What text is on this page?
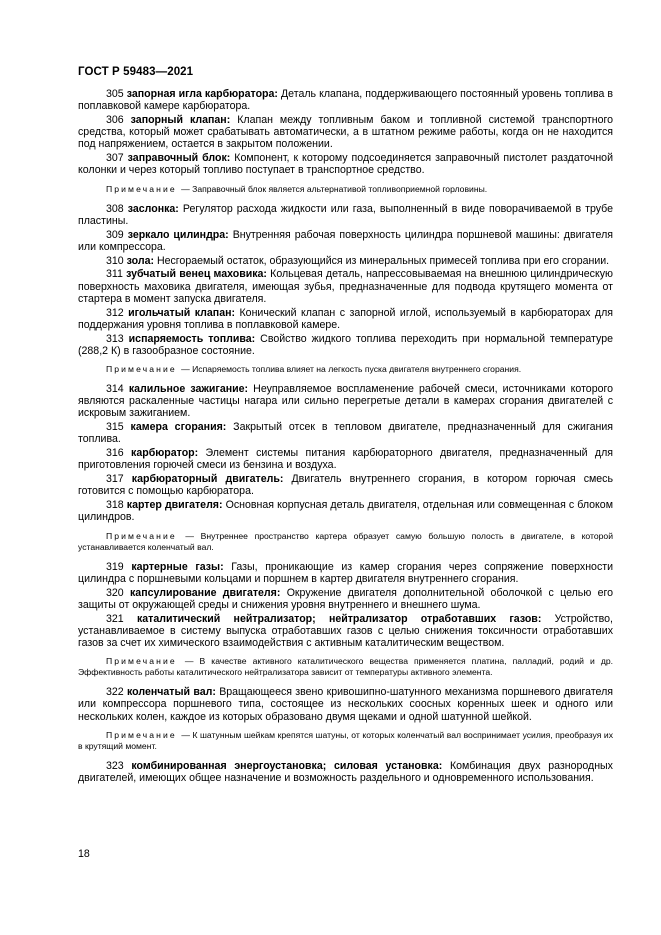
ГОСТ Р 59483—2021

305 запорная игла карбюратора: Деталь клапана, поддерживающего постоянный уровень топлива в поплавковой камере карбюратора.

306 запорный клапан: Клапан между топливным баком и топливной системой транспортного средства, который может срабатывать автоматически, а в штатном режиме работы, когда он не находится под напряжением, остается в закрытом положении.

307 заправочный блок: Компонент, к которому подсоединяется заправочный пистолет раздаточной колонки и через который топливо поступает в транспортное средство.

Примечание — Заправочный блок является альтернативой топливоприемной горловины.

308 заслонка: Регулятор расхода жидкости или газа, выполненный в виде поворачиваемой в трубе пластины.

309 зеркало цилиндра: Внутренняя рабочая поверхность цилиндра поршневой машины: двигателя или компрессора.

310 зола: Несгораемый остаток, образующийся из минеральных примесей топлива при его сгорании.

311 зубчатый венец маховика: Кольцевая деталь, напрессовываемая на внешнюю цилиндрическую поверхность маховика двигателя, имеющая зубья, предназначенные для подвода крутящего момента от стартера в момент запуска двигателя.

312 игольчатый клапан: Конический клапан с запорной иглой, используемый в карбюраторах для поддержания уровня топлива в поплавковой камере.

313 испаряемость топлива: Свойство жидкого топлива переходить при нормальной температуре (288,2 К) в газообразное состояние.

Примечание — Испаряемость топлива влияет на легкость пуска двигателя внутреннего сгорания.

314 калильное зажигание: Неуправляемое воспламенение рабочей смеси, источниками которого являются раскаленные частицы нагара или сильно перегретые детали в камерах сгорания двигателей с искровым зажиганием.

315 камера сгорания: Закрытый отсек в тепловом двигателе, предназначенный для сжигания топлива.

316 карбюратор: Элемент системы питания карбюраторного двигателя, предназначенный для приготовления горючей смеси из бензина и воздуха.

317 карбюраторный двигатель: Двигатель внутреннего сгорания, в котором горючая смесь готовится с помощью карбюратора.

318 картер двигателя: Основная корпусная деталь двигателя, отдельная или совмещенная с блоком цилиндров.

Примечание — Внутреннее пространство картера образует самую большую полость в двигателе, в которой устанавливается коленчатый вал.

319 картерные газы: Газы, проникающие из камер сгорания через сопряжение поверхности цилиндра с поршневыми кольцами и поршнем в картер двигателя внутреннего сгорания.

320 капсулирование двигателя: Окружение двигателя дополнительной оболочкой с целью его защиты от окружающей среды и снижения уровня внутреннего и внешнего шума.

321 каталитический нейтрализатор; нейтрализатор отработавших газов: Устройство, устанавливаемое в систему выпуска отработавших газов с целью снижения токсичности отработавших газов за счет их химического взаимодействия с активным каталитическим веществом.

Примечание — В качестве активного каталитического вещества применяется платина, палладий, родий и др. Эффективность работы каталитического нейтрализатора зависит от температуры активного элемента.

322 коленчатый вал: Вращающееся звено кривошипно-шатунного механизма поршневого двигателя или компрессора поршневого типа, состоящее из нескольких соосных коренных шеек и одного или нескольких колен, каждое из которых образовано двумя щеками и одной шатунной шейкой.

Примечание — К шатунным шейкам крепятся шатуны, от которых коленчатый вал воспринимает усилия, преобразуя их в крутящий момент.

323 комбинированная энергоустановка; силовая установка: Комбинация двух разнородных двигателей, имеющих общее назначение и возможность раздельного и одновременного использования.

18
